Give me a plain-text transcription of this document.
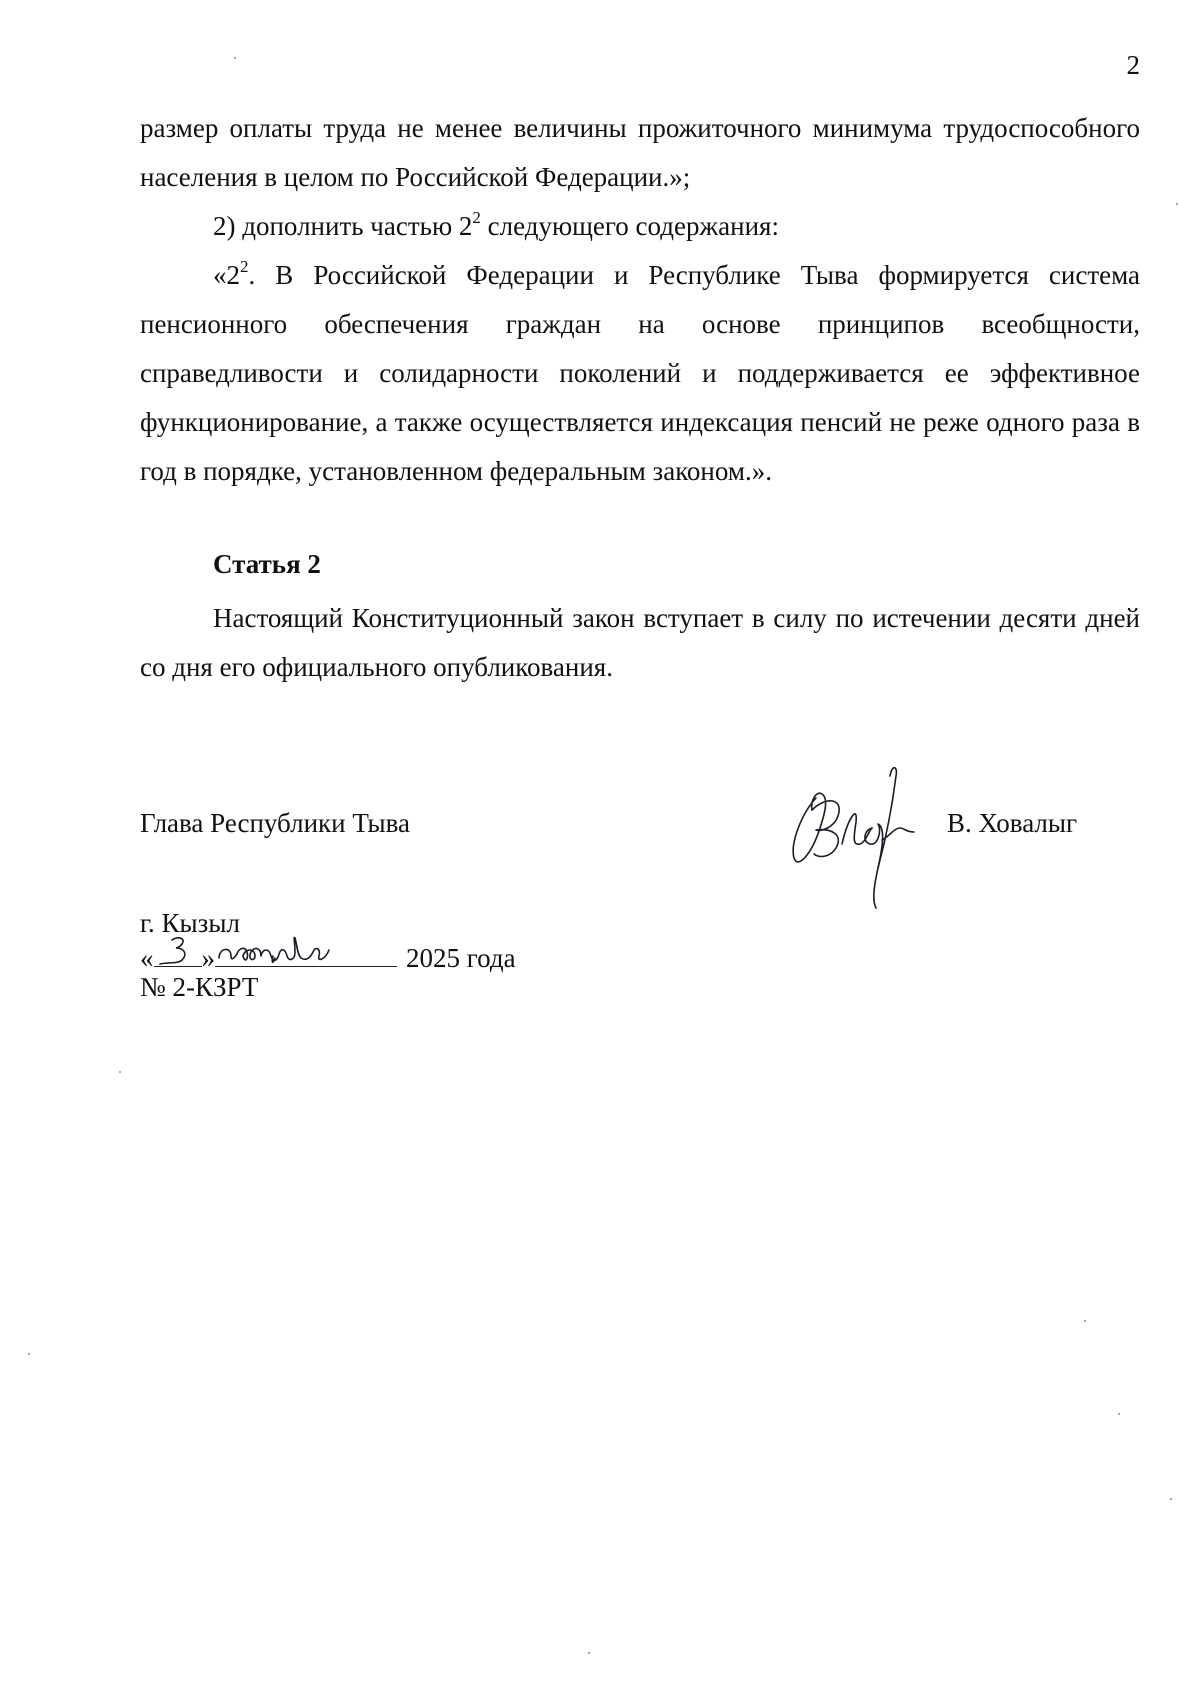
2

размер оплаты труда не менее величины прожиточного минимума трудоспособного населения в целом по Российской Федерации.»;

2) дополнить частью $2^2$ следующего содержания:

«$2^2$. В Российской Федерации и Республике Тыва формируется система пенсионного обеспечения граждан на основе принципов всеобщности, справедливости и солидарности поколений и поддерживается ее эффективное функционирование, а также осуществляется индексация пенсий не реже одного раза в год в порядке, установленном федеральным законом.».

Статья 2

Настоящий Конституционный закон вступает в силу по истечении десяти дней со дня его официального опубликования.

Глава Республики Тыва	В. Ховалыг
г. Кызыл
« »	2025 года
№ 2-КЗРТ
